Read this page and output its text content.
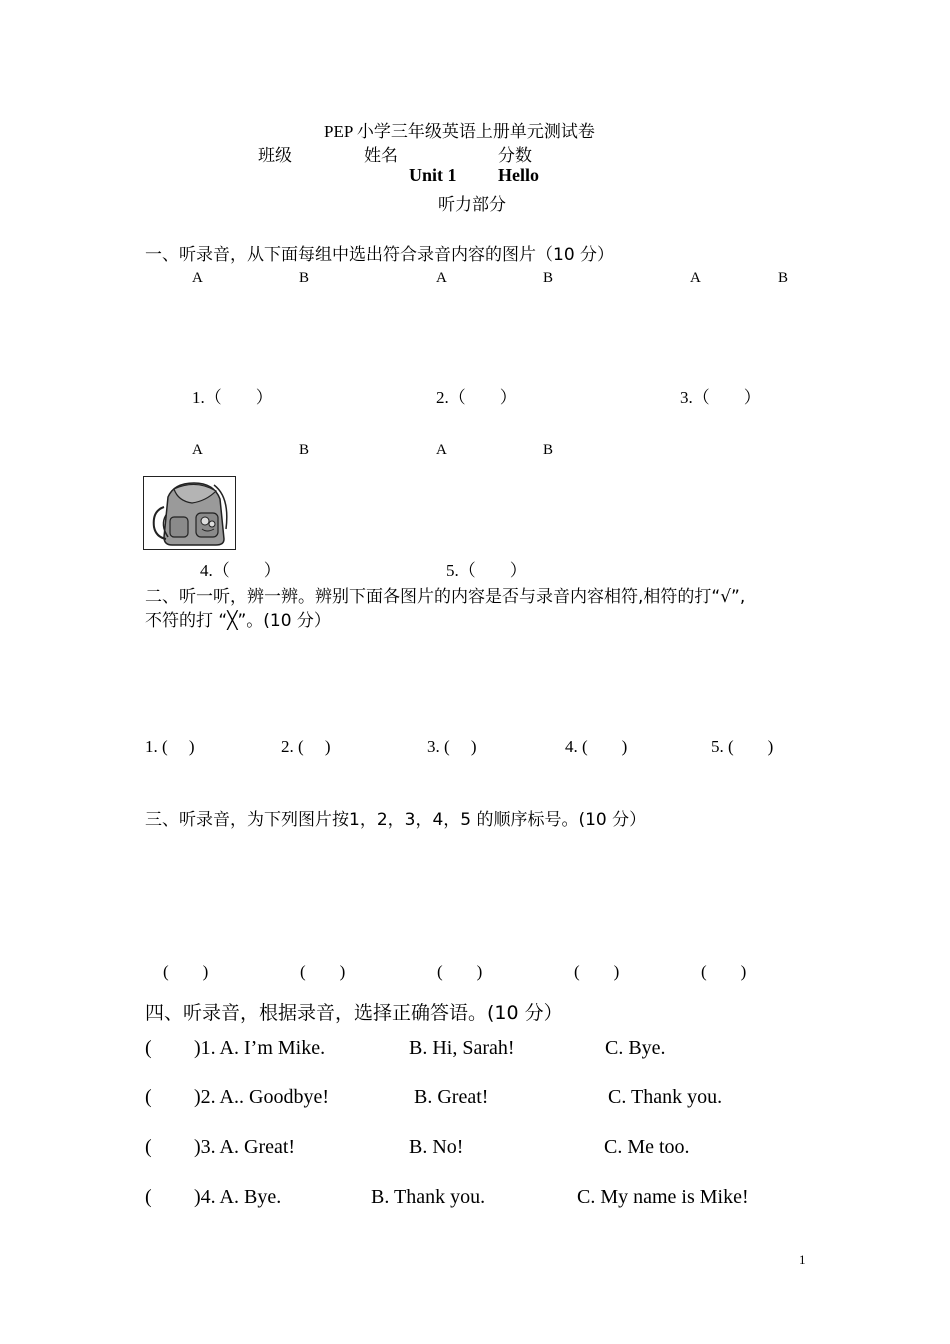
PEP 小学三年级英语上册单元测试卷
班级	姓名	分数
Unit 1 Hello
听力部分
一、听录音，从下面每组中选出符合录音内容的图片（10 分）
A	B	A	B	A	B
1.（　　）	2.（　　）	3.（　　）
A	B	A	B
4.（　　）	5.（　　）
二、听一听，辨一辨。辨别下面各图片的内容是否与录音内容相符,相符的打“√”,
不符的打 “╳”。(10 分）
1. (　 )	2. (　 )	3. (　 )	4. (　　)	5. (　　)
三、听录音，为下列图片按1，2，3，4，5 的顺序标号。(10 分）
(　　)	(　　)	(　　)	(　　)	(　　)
四、听录音，根据录音，选择正确答语。(10 分）
( )1. A. I’m Mike.	B. Hi, Sarah!	C. Bye.
( )2. A.. Goodbye!	B. Great!	C. Thank you.
( )3. A. Great!	B. No!	C. Me too.
( )4. A. Bye.	B. Thank you.	C. My name is Mike!
1
